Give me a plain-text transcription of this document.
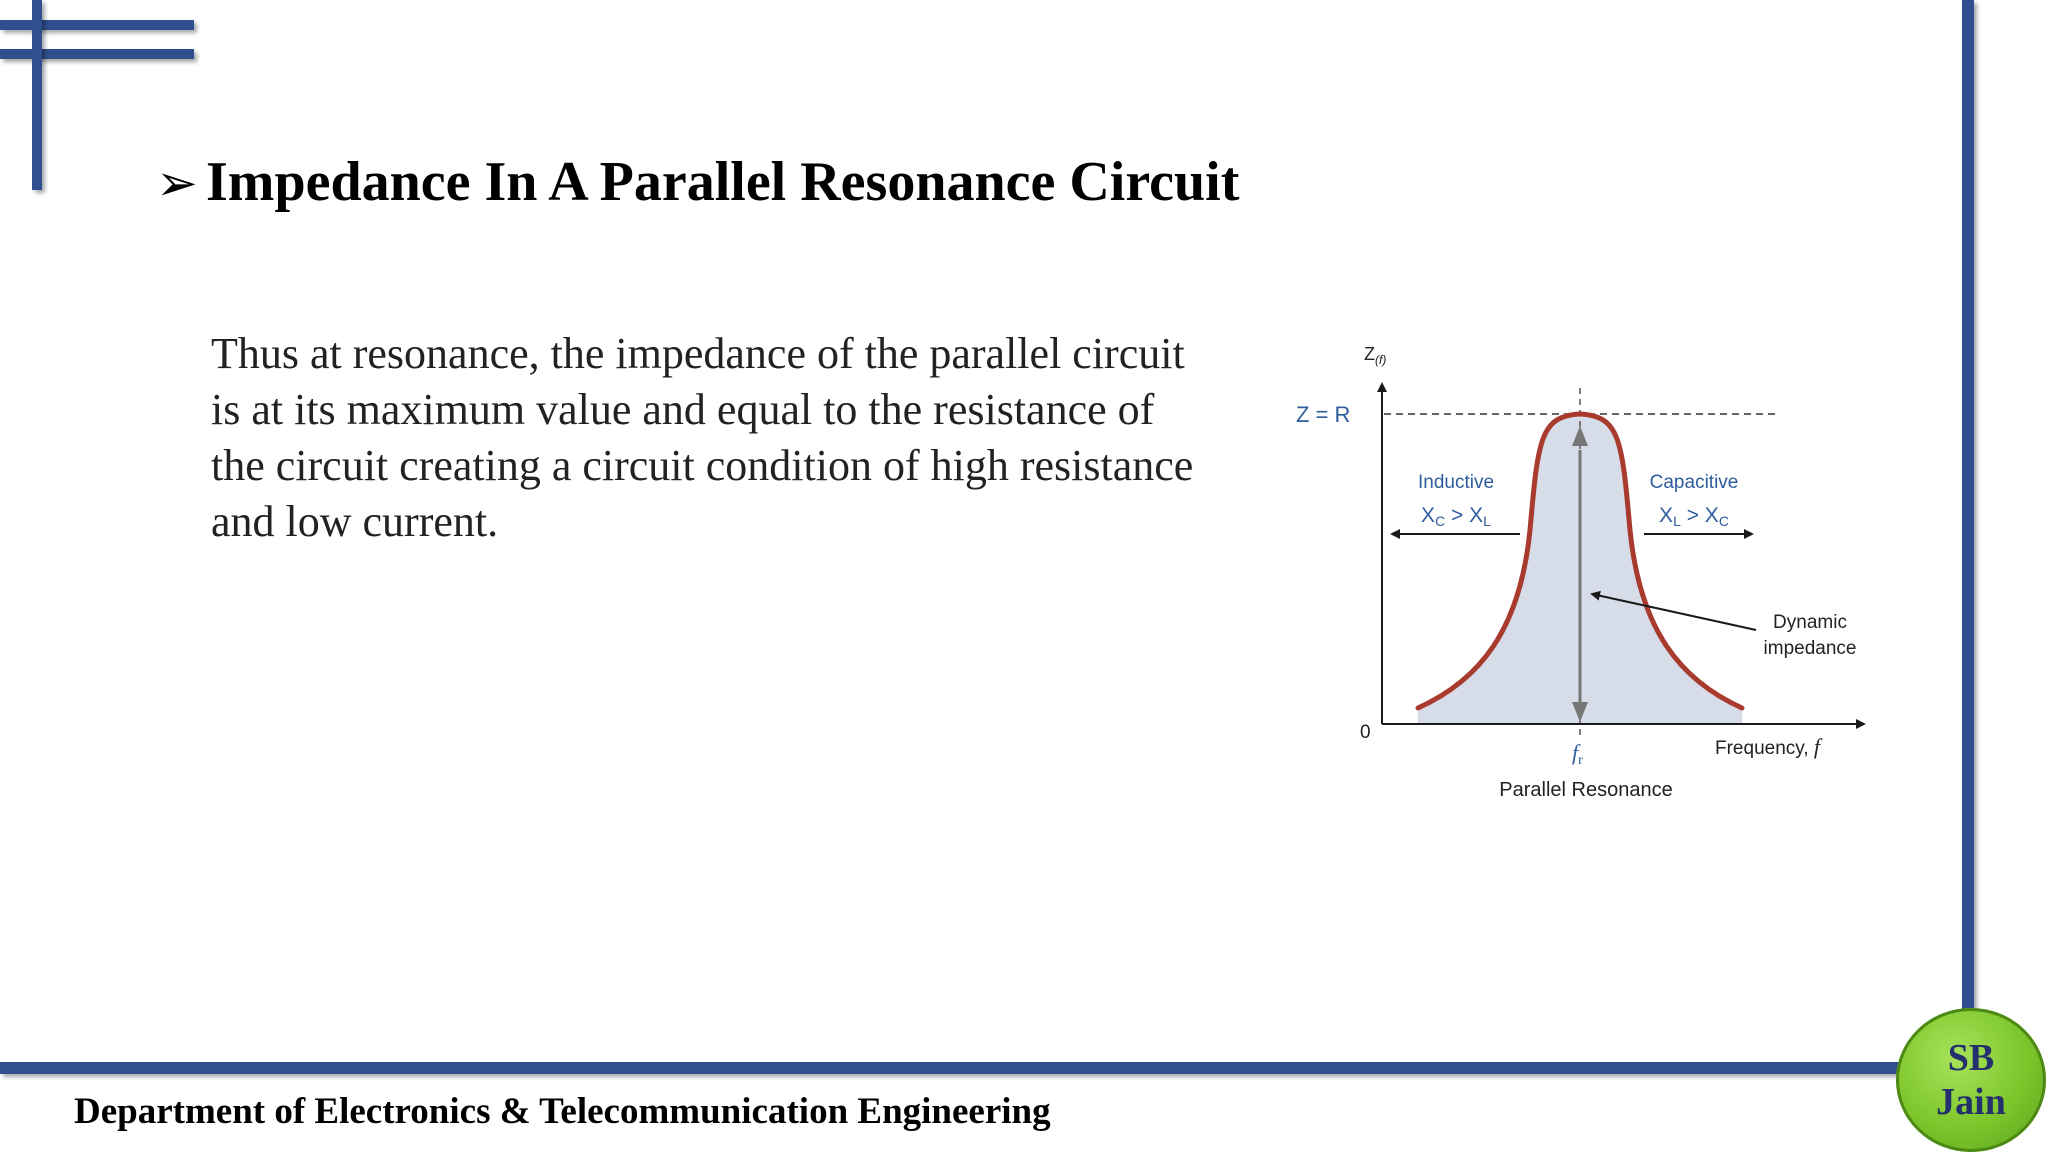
➢ Impedance In A Parallel Resonance Circuit

Thus at resonance, the impedance of the parallel circuit is at its maximum value and equal to the resistance of the circuit creating a circuit condition of high resistance and low current.

$Z_{(f)}$
Z = R
0
Inductive
XC > XL
Capacitive
XL > XC
Dynamic
impedance
Frequency, f
fr
Parallel Resonance
Department of Electronics & Telecommunication Engineering
SB
Jain
